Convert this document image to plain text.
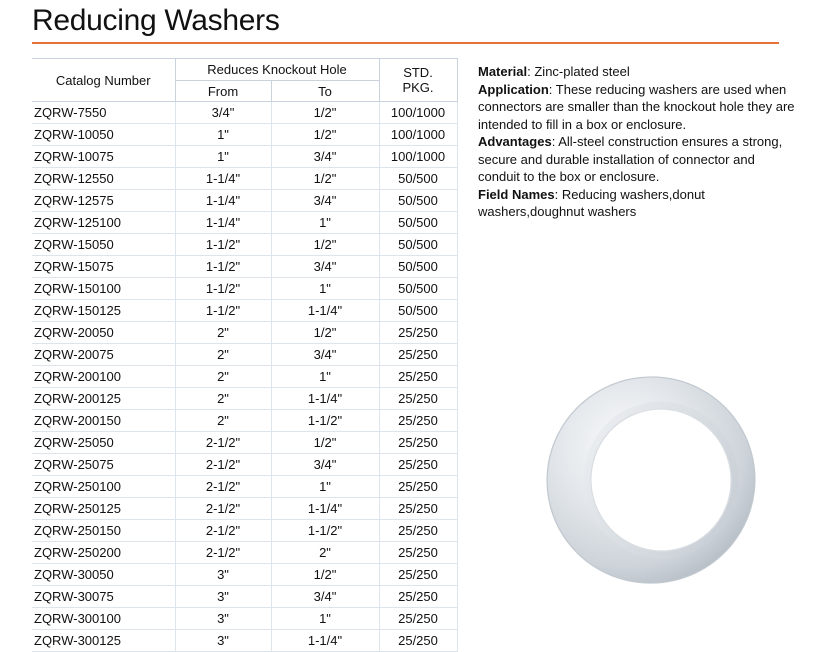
Reducing Washers
Catalog Number	Reduces Knockout Hole		STD.
PKG.

	From	To	
ZQRW-7550	3/4"	1/2"	100/1000
ZQRW-10050	1"	1/2"	100/1000
ZQRW-10075	1"	3/4"	100/1000
ZQRW-12550	1-1/4"	1/2"	50/500
ZQRW-12575	1-1/4"	3/4"	50/500
ZQRW-125100	1-1/4"	1"	50/500
ZQRW-15050	1-1/2"	1/2"	50/500
ZQRW-15075	1-1/2"	3/4"	50/500
ZQRW-150100	1-1/2"	1"	50/500
ZQRW-150125	1-1/2"	1-1/4"	50/500
ZQRW-20050	2"	1/2"	25/250
ZQRW-20075	2"	3/4"	25/250
ZQRW-200100	2"	1"	25/250
ZQRW-200125	2"	1-1/4"	25/250
ZQRW-200150	2"	1-1/2"	25/250
ZQRW-25050	2-1/2"	1/2"	25/250
ZQRW-25075	2-1/2"	3/4"	25/250
ZQRW-250100	2-1/2"	1"	25/250
ZQRW-250125	2-1/2"	1-1/4"	25/250
ZQRW-250150	2-1/2"	1-1/2"	25/250
ZQRW-250200	2-1/2"	2"	25/250
ZQRW-30050	3"	1/2"	25/250
ZQRW-30075	3"	3/4"	25/250
ZQRW-300100	3"	1"	25/250
ZQRW-300125	3"	1-1/4"	25/250

Material: Zinc-plated steel

Application: These reducing washers are used when connectors are smaller than the knockout hole they are intended to fill in a box or enclosure.

Advantages: All-steel construction ensures a strong, secure and durable installation of connector and conduit to the box or enclosure.

Field Names: Reducing washers,donut washers,doughnut washers
